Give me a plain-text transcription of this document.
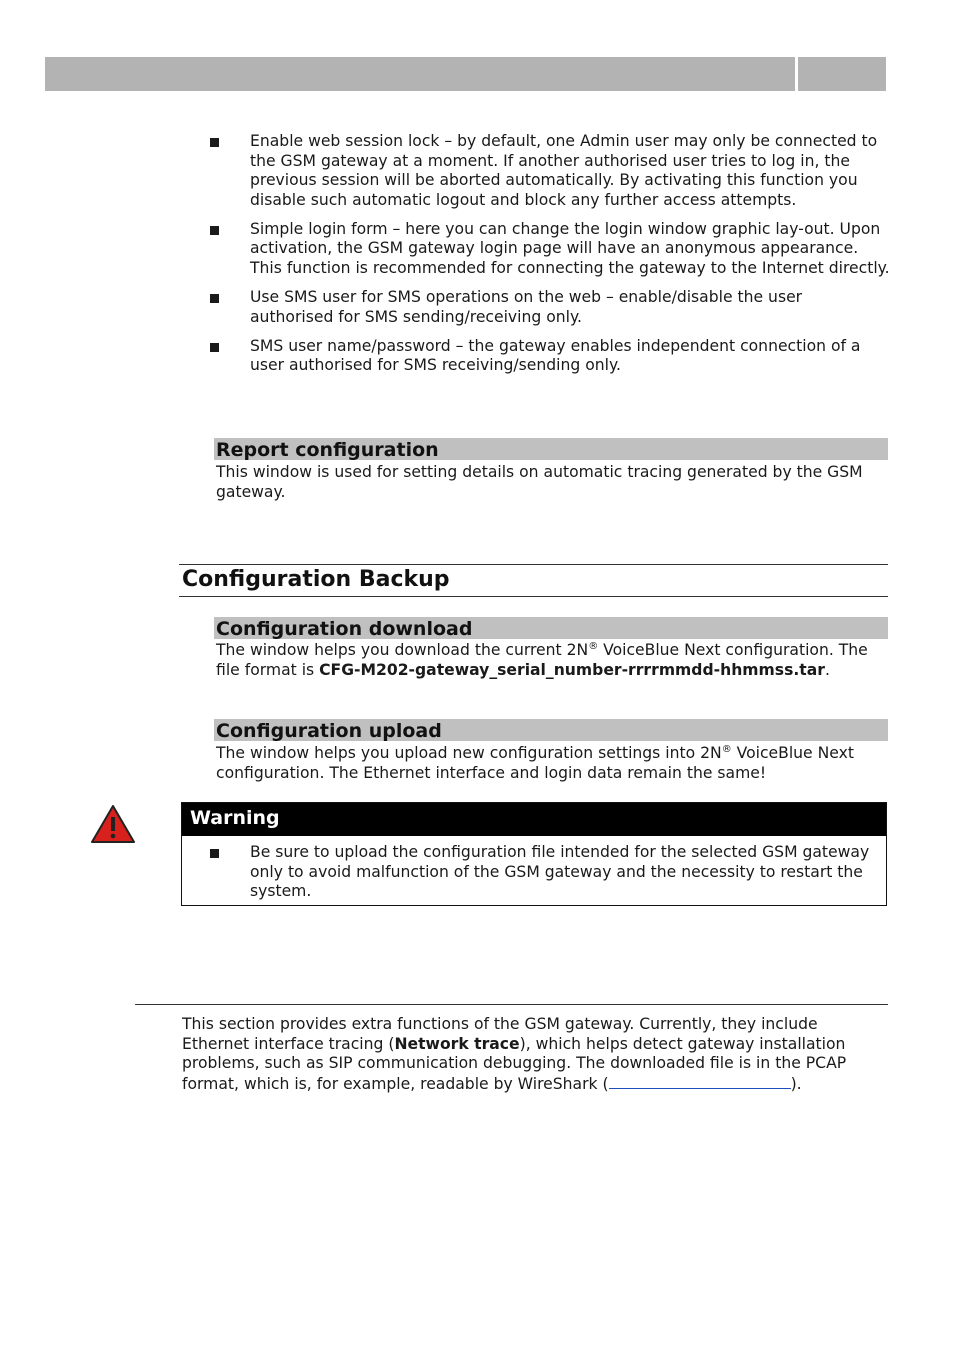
Enable web session lock – by default, one Admin user may only be connected to the GSM gateway at a moment. If another authorised user tries to log in, the previous session will be aborted automatically. By activating this function you disable such automatic logout and block any further access attempts.
Simple login form – here you can change the login window graphic lay-out. Upon activation, the GSM gateway login page will have an anonymous appearance. This function is recommended for connecting the gateway to the Internet directly.
Use SMS user for SMS operations on the web – enable/disable the user authorised for SMS sending/receiving only.
SMS user name/password – the gateway enables independent connection of a user authorised for SMS receiving/sending only.
Report configuration
This window is used for setting details on automatic tracing generated by the GSM gateway.
Configuration Backup
Configuration download
The window helps you download the current 2N® VoiceBlue Next configuration. The file format is CFG-M202-gateway_serial_number-rrrrmmdd-hhmmss.tar.
Configuration upload
The window helps you upload new configuration settings into 2N® VoiceBlue Next configuration. The Ethernet interface and login data remain the same!
Warning
Be sure to upload the configuration file intended for the selected GSM gateway only to avoid malfunction of the GSM gateway and the necessity to restart the system.
This section provides extra functions of the GSM gateway. Currently, they include Ethernet interface tracing (Network trace), which helps detect gateway installation problems, such as SIP communication debugging. The downloaded file is in the PCAP format, which is, for example, readable by WireShark (	).
